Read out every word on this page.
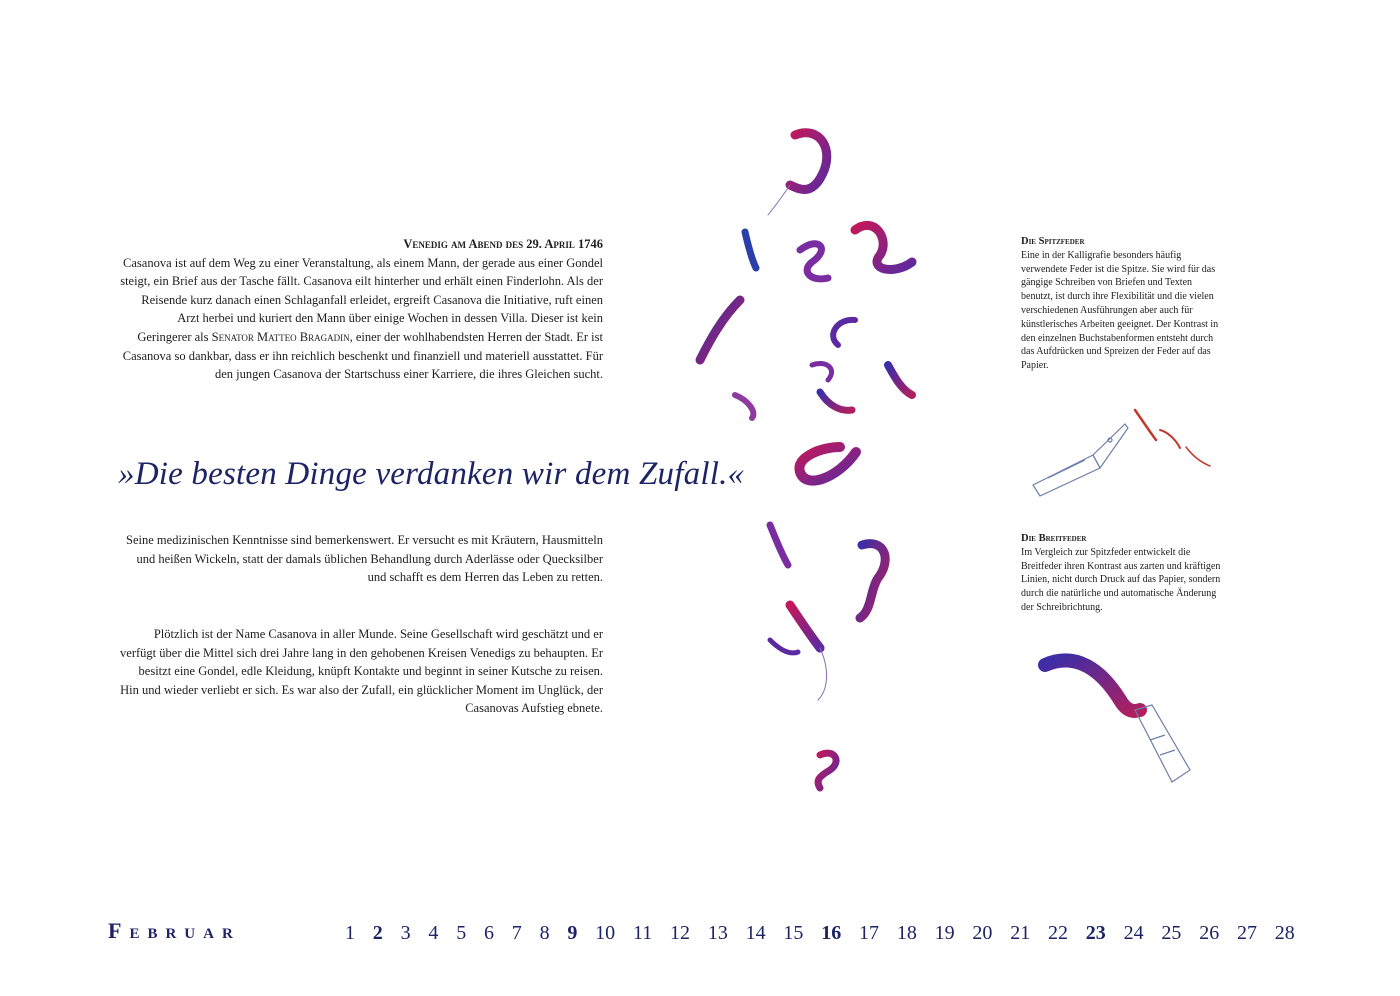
Venedig am Abend des 29. April 1746

Casanova ist auf dem Weg zu einer Veranstaltung, als einem Mann, der gerade aus einer Gondel steigt, ein Brief aus der Tasche fällt. Casanova eilt hinterher und erhält einen Finderlohn. Als der Reisende kurz danach einen Schlaganfall erleidet, ergreift Casanova die Initiative, ruft einen Arzt herbei und kuriert den Mann über einige Wochen in dessen Villa. Dieser ist kein Geringerer als Senator Matteo Bragadin, einer der wohlhabendsten Herren der Stadt. Er ist Casanova so dankbar, dass er ihn reichlich beschenkt und finanziell und materiell ausstattet. Für den jungen Casanova der Startschuss einer Karriere, die ihres Gleichen sucht.

»Die besten Dinge verdanken wir dem Zufall.«

Seine medizinischen Kenntnisse sind bemerkenswert. Er versucht es mit Kräutern, Hausmitteln und heißen Wickeln, statt der damals üblichen Behandlung durch Aderlässe oder Quecksilber und schafft es dem Herren das Leben zu retten.

Plötzlich ist der Name Casanova in aller Munde. Seine Gesellschaft wird geschätzt und er verfügt über die Mittel sich drei Jahre lang in den gehobenen Kreisen Venedigs zu behaupten. Er besitzt eine Gondel, edle Kleidung, knüpft Kontakte und beginnt in seiner Kutsche zu reisen. Hin und wieder verliebt er sich. Es war also der Zufall, ein glücklicher Moment im Unglück, der Casanovas Aufstieg ebnete.

Die Spitzfeder

Eine in der Kalligrafie besonders häufig verwendete Feder ist die Spitze. Sie wird für das gängige Schreiben von Briefen und Texten benutzt, ist durch ihre Flexibilität und die vielen verschiedenen Ausführungen aber auch für künstlerisches Arbeiten geeignet. Der Kontrast in den einzelnen Buchstabenformen entsteht durch das Aufdrücken und Spreizen der Feder auf das Papier.

Die Breitfeder

Im Vergleich zur Spitzfeder entwickelt die Breitfeder ihren Kontrast aus zarten und kräftigen Linien, nicht durch Druck auf das Papier, sondern durch die natürliche und automatische Änderung der Schreibrichtung.

Februar	1 2 3 4 5 6 7 8 9 10 11 12 13 14 15 16 17 18 19 20 21 22 23 24 25 26 27 28
